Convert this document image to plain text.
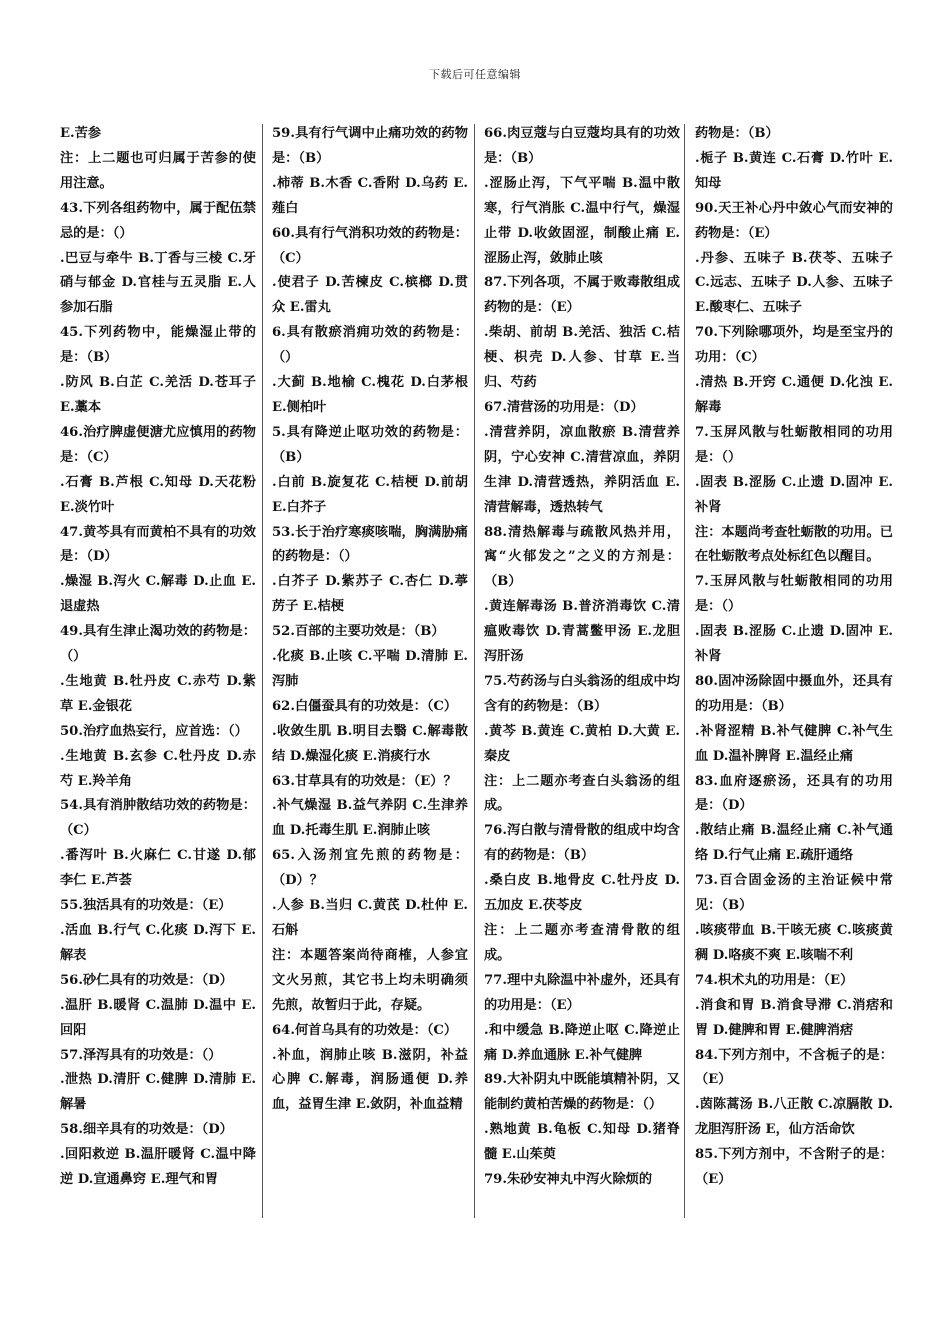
下载后可任意编辑

E.苦参

注：上二题也可归属于苦参的使用注意。

43.下列各组药物中，属于配伍禁忌的是：（）

.巴豆与牵牛 B.丁香与三棱 C.牙硝与郁金 D.官桂与五灵脂 E.人参加石脂

45.下列药物中，能燥湿止带的是：（B）

.防风 B.白芷 C.羌活 D.苍耳子 E.藁本

46.治疗脾虚便溏尤应慎用的药物是：（C）

.石膏 B.芦根 C.知母 D.天花粉 E.淡竹叶

47.黄芩具有而黄柏不具有的功效是：（D）

.燥湿 B.泻火 C.解毒 D.止血 E.退虚热

49.具有生津止渴功效的药物是：（）

.生地黄 B.牡丹皮 C.赤芍 D.紫草 E.金银花

50.治疗血热妄行，应首选：（）

.生地黄 B.玄参 C.牡丹皮 D.赤芍 E.羚羊角

54.具有消肿散结功效的药物是：（C）

.番泻叶 B.火麻仁 C.甘遂 D.郁李仁 E.芦荟

55.独活具有的功效是：（E）

.活血 B.行气 C.化痰 D.泻下 E.解表

56.砂仁具有的功效是：（D）

.温肝 B.暖肾 C.温肺 D.温中 E.回阳

57.泽泻具有的功效是：（）

.泄热 D.清肝 C.健脾 D.清肺 E.解暑

58.细辛具有的功效是：（D）

.回阳救逆 B.温肝暖肾 C.温中降逆 D.宣通鼻窍 E.理气和胃

59.具有行气调中止痛功效的药物是：（B）

.柿蒂 B.木香 C.香附 D.乌药 E.薤白

60.具有行气消积功效的药物是：（C）

.使君子 D.苦楝皮 C.槟榔 D.贯众 E.雷丸

6.具有散瘀消痈功效的药物是：（）

.大蓟 B.地榆 C.槐花 D.白茅根 E.侧柏叶

5.具有降逆止呕功效的药物是：（B）

.白前 B.旋复花 C.桔梗 D.前胡 E.白芥子

53.长于治疗寒痰咳喘，胸满胁痛的药物是：（）

.白芥子 D.紫苏子 C.杏仁 D.葶苈子 E.桔梗

52.百部的主要功效是：（B）

.化痰 B.止咳 C.平喘 D.清肺 E.泻肺

62.白僵蚕具有的功效是：（C）

.收敛生肌 B.明目去翳 C.解毒散结 D.燥湿化痰 E.消痰行水

63.甘草具有的功效是：（E）？

.补气燥湿 B.益气养阴 C.生津养血 D.托毒生肌 E.润肺止咳

65.入汤剂宜先煎的药物是：（D）？

.人参 B.当归 C.黄芪 D.杜仲 E.石斛

注：本题答案尚待商榷，人参宜文火另煎，其它书上均未明确须先煎，故暂归于此，存疑。

64.何首乌具有的功效是：（C）

.补血，润肺止咳 B.滋阴，补益心脾 C.解毒，润肠通便 D.养血，益胃生津 E.敛阴，补血益精

66.肉豆蔻与白豆蔻均具有的功效是：（B）

.涩肠止泻，下气平喘 B.温中散寒，行气消胀 C.温中行气，燥湿止带 D.收敛固涩，制酸止痛 E.涩肠止泻，敛肺止咳

87.下列各项，不属于败毒散组成药物的是：（E）

.柴胡、前胡 B.羌活、独活 C.桔梗、枳壳 D.人参、甘草 E.当归、芍药

67.清营汤的功用是：（D）

.清营养阴，凉血散瘀 B.清营养阴，宁心安神 C.清营凉血，养阴生津 D.清营透热，养阴活血 E.清营解毒，透热转气

88.清热解毒与疏散风热并用，寓“火郁发之”之义的方剂是：（B）

.黄连解毒汤 B.普济消毒饮 C.清瘟败毒饮 D.青蒿鳖甲汤 E.龙胆泻肝汤

75.芍药汤与白头翁汤的组成中均含有的药物是：（B）

.黄芩 B.黄连 C.黄柏 D.大黄 E.秦皮

注：上二题亦考查白头翁汤的组成。

76.泻白散与清骨散的组成中均含有的药物是：（B）

.桑白皮 B.地骨皮 C.牡丹皮 D.五加皮 E.茯苓皮

注：上二题亦考查清骨散的组成。

77.理中丸除温中补虚外，还具有的功用是：（E）

.和中缓急 B.降逆止呕 C.降逆止痛 D.养血通脉 E.补气健脾

89.大补阴丸中既能填精补阴，又能制约黄柏苦燥的药物是：（）

.熟地黄 B.龟板 C.知母 D.猪脊髓 E.山茱萸

79.朱砂安神丸中泻火除烦的

药物是：（B）

.栀子 B.黄连 C.石膏 D.竹叶 E.知母

90.天王补心丹中敛心气而安神的药物是：（E）

.丹参、五味子 B.茯苓、五味子 C.远志、五味子 D.人参、五味子 E.酸枣仁、五味子

70.下列除哪项外，均是至宝丹的功用：（C）

.清热 B.开窍 C.通便 D.化浊 E.解毒

7.玉屏风散与牡蛎散相同的功用是：（）

.固表 B.涩肠 C.止遗 D.固冲 E.补肾

注：本题尚考查牡蛎散的功用。已在牡蛎散考点处标红色以醒目。

7.玉屏风散与牡蛎散相同的功用是：（）

.固表 B.涩肠 C.止遗 D.固冲 E.补肾

80.固冲汤除固中摄血外，还具有的功用是：（B）

.补肾涩精 B.补气健脾 C.补气生血 D.温补脾肾 E.温经止痛

83.血府逐瘀汤，还具有的功用是：（D）

.散结止痛 B.温经止痛 C.补气通络 D.行气止痛 E.疏肝通络

73.百合固金汤的主治证候中常见：（B）

.咳痰带血 B.干咳无痰 C.咳痰黄稠 D.咯痰不爽 E.咳喘不利

74.枳术丸的功用是：（E）

.消食和胃 B.消食导滞 C.消痞和胃 D.健脾和胃 E.健脾消痞

84.下列方剂中，不含栀子的是：（E）

.茵陈蒿汤 B.八正散 C.凉膈散 D.龙胆泻肝汤 E，仙方活命饮

85.下列方剂中，不含附子的是：（E）
